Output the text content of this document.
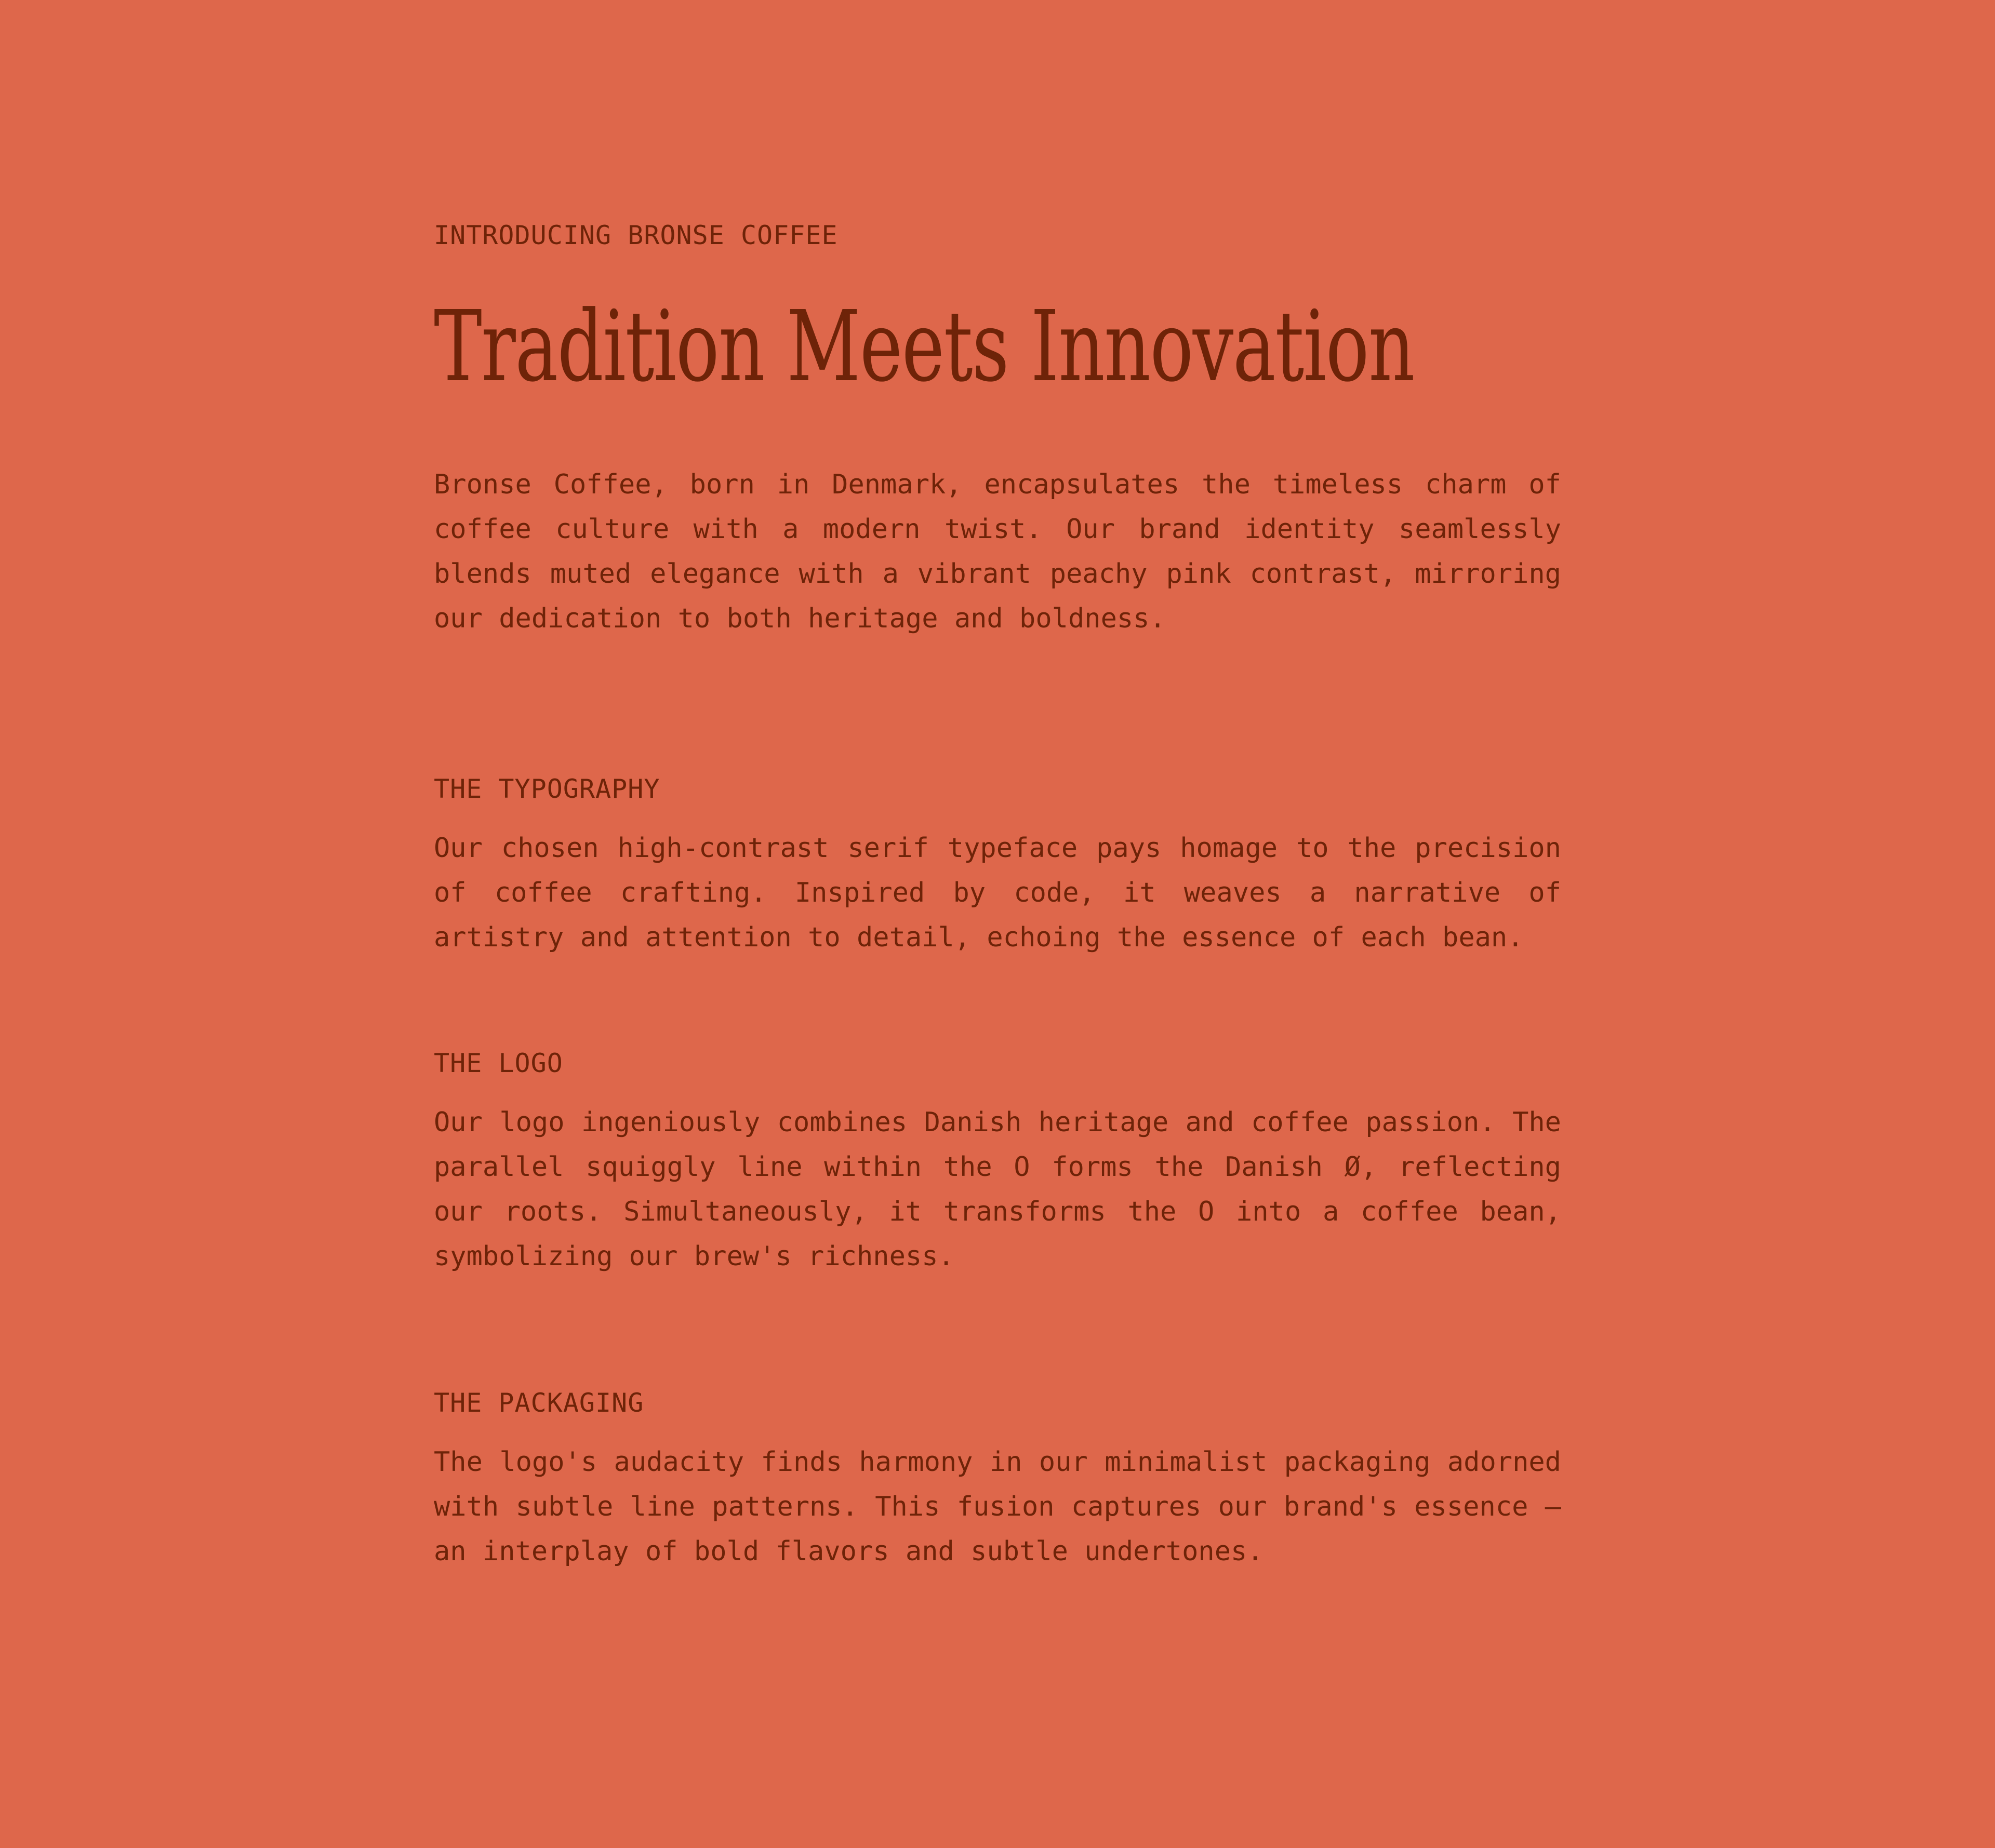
INTRODUCING BRONSE COFFEE

Tradition Meets Innovation

Bronse Coffee, born in Denmark, encapsulates the timeless charm of coffee culture with a modern twist. Our brand identity seamlessly blends muted elegance with a vibrant peachy pink contrast, mirroring our dedication to both heritage and boldness.

THE TYPOGRAPHY

Our chosen high-contrast serif typeface pays homage to the precision of coffee crafting. Inspired by code, it weaves a narrative of artistry and attention to detail, echoing the essence of each bean.

THE LOGO

Our logo ingeniously combines Danish heritage and coffee passion. The parallel squiggly line within the O forms the Danish Ø, reflecting our roots. Simultaneously, it transforms the O into a coffee bean, symbolizing our brew's richness.

THE PACKAGING

The logo's audacity finds harmony in our minimalist packaging adorned with subtle line patterns. This fusion captures our brand's essence – an interplay of bold flavors and subtle undertones.
